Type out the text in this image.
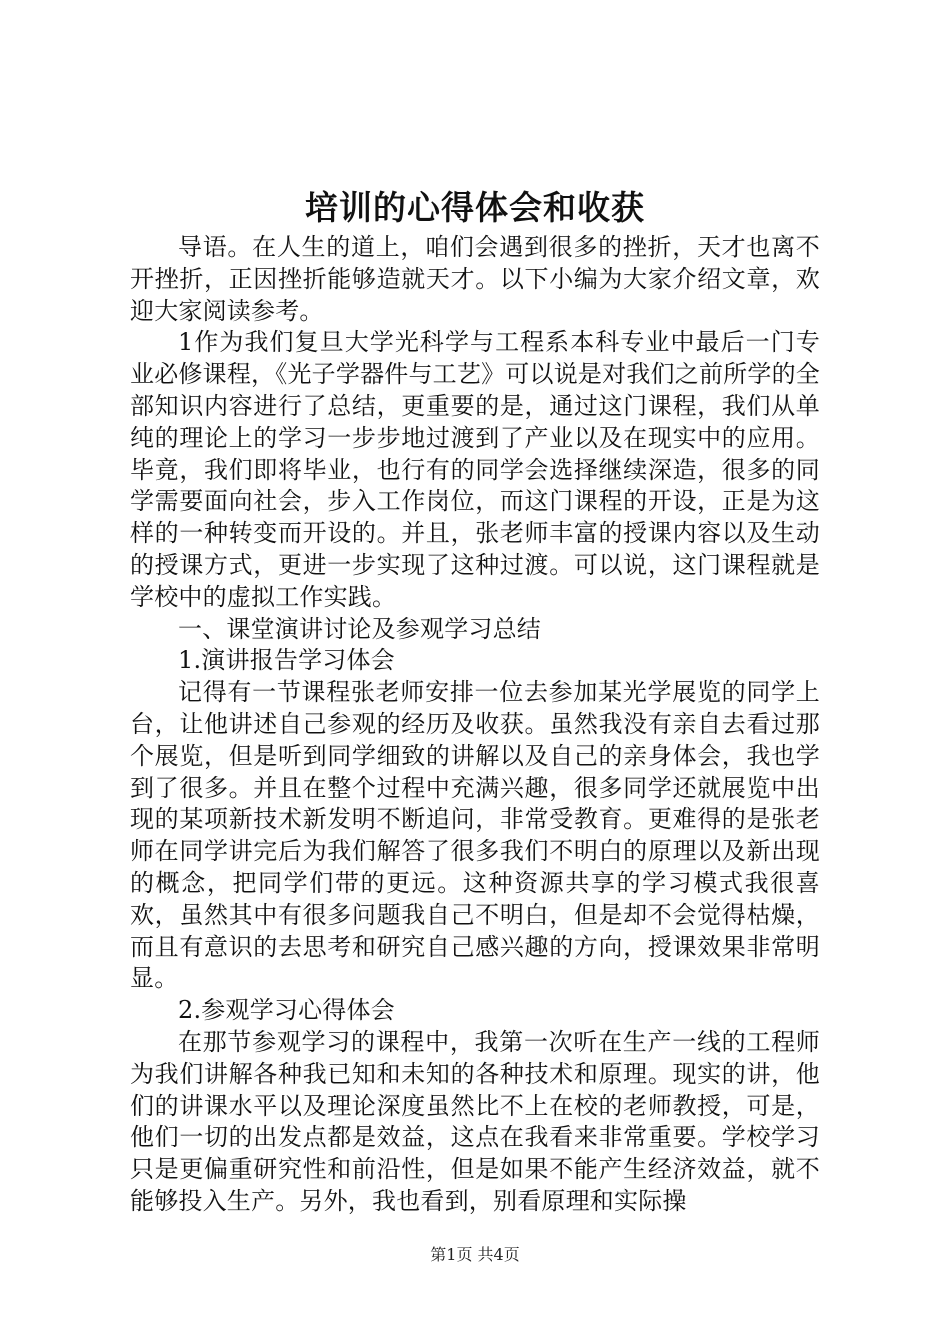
培训的心得体会和收获

导语。在人生的道上，咱们会遇到很多的挫折，天才也离不开挫折，正因挫折能够造就天才。以下小编为大家介绍文章，欢迎大家阅读参考。

1作为我们复旦大学光科学与工程系本科专业中最后一门专业必修课程，《光子学器件与工艺》可以说是对我们之前所学的全部知识内容进行了总结，更重要的是，通过这门课程，我们从单纯的理论上的学习一步步地过渡到了产业以及在现实中的应用。毕竟，我们即将毕业，也行有的同学会选择继续深造，很多的同学需要面向社会，步入工作岗位，而这门课程的开设，正是为这样的一种转变而开设的。并且，张老师丰富的授课内容以及生动的授课方式，更进一步实现了这种过渡。可以说，这门课程就是学校中的虚拟工作实践。

一、课堂演讲讨论及参观学习总结

1.演讲报告学习体会

记得有一节课程张老师安排一位去参加某光学展览的同学上台，让他讲述自己参观的经历及收获。虽然我没有亲自去看过那个展览，但是听到同学细致的讲解以及自己的亲身体会，我也学到了很多。并且在整个过程中充满兴趣，很多同学还就展览中出现的某项新技术新发明不断追问，非常受教育。更难得的是张老师在同学讲完后为我们解答了很多我们不明白的原理以及新出现的概念，把同学们带的更远。这种资源共享的学习模式我很喜欢，虽然其中有很多问题我自己不明白，但是却不会觉得枯燥，而且有意识的去思考和研究自己感兴趣的方向，授课效果非常明显。

2.参观学习心得体会

在那节参观学习的课程中，我第一次听在生产一线的工程师为我们讲解各种我已知和未知的各种技术和原理。现实的讲，他们的讲课水平以及理论深度虽然比不上在校的老师教授，可是，他们一切的出发点都是效益，这点在我看来非常重要。学校学习只是更偏重研究性和前沿性，但是如果不能产生经济效益，就不能够投入生产。另外，我也看到，别看原理和实际操

第1页 共4页
